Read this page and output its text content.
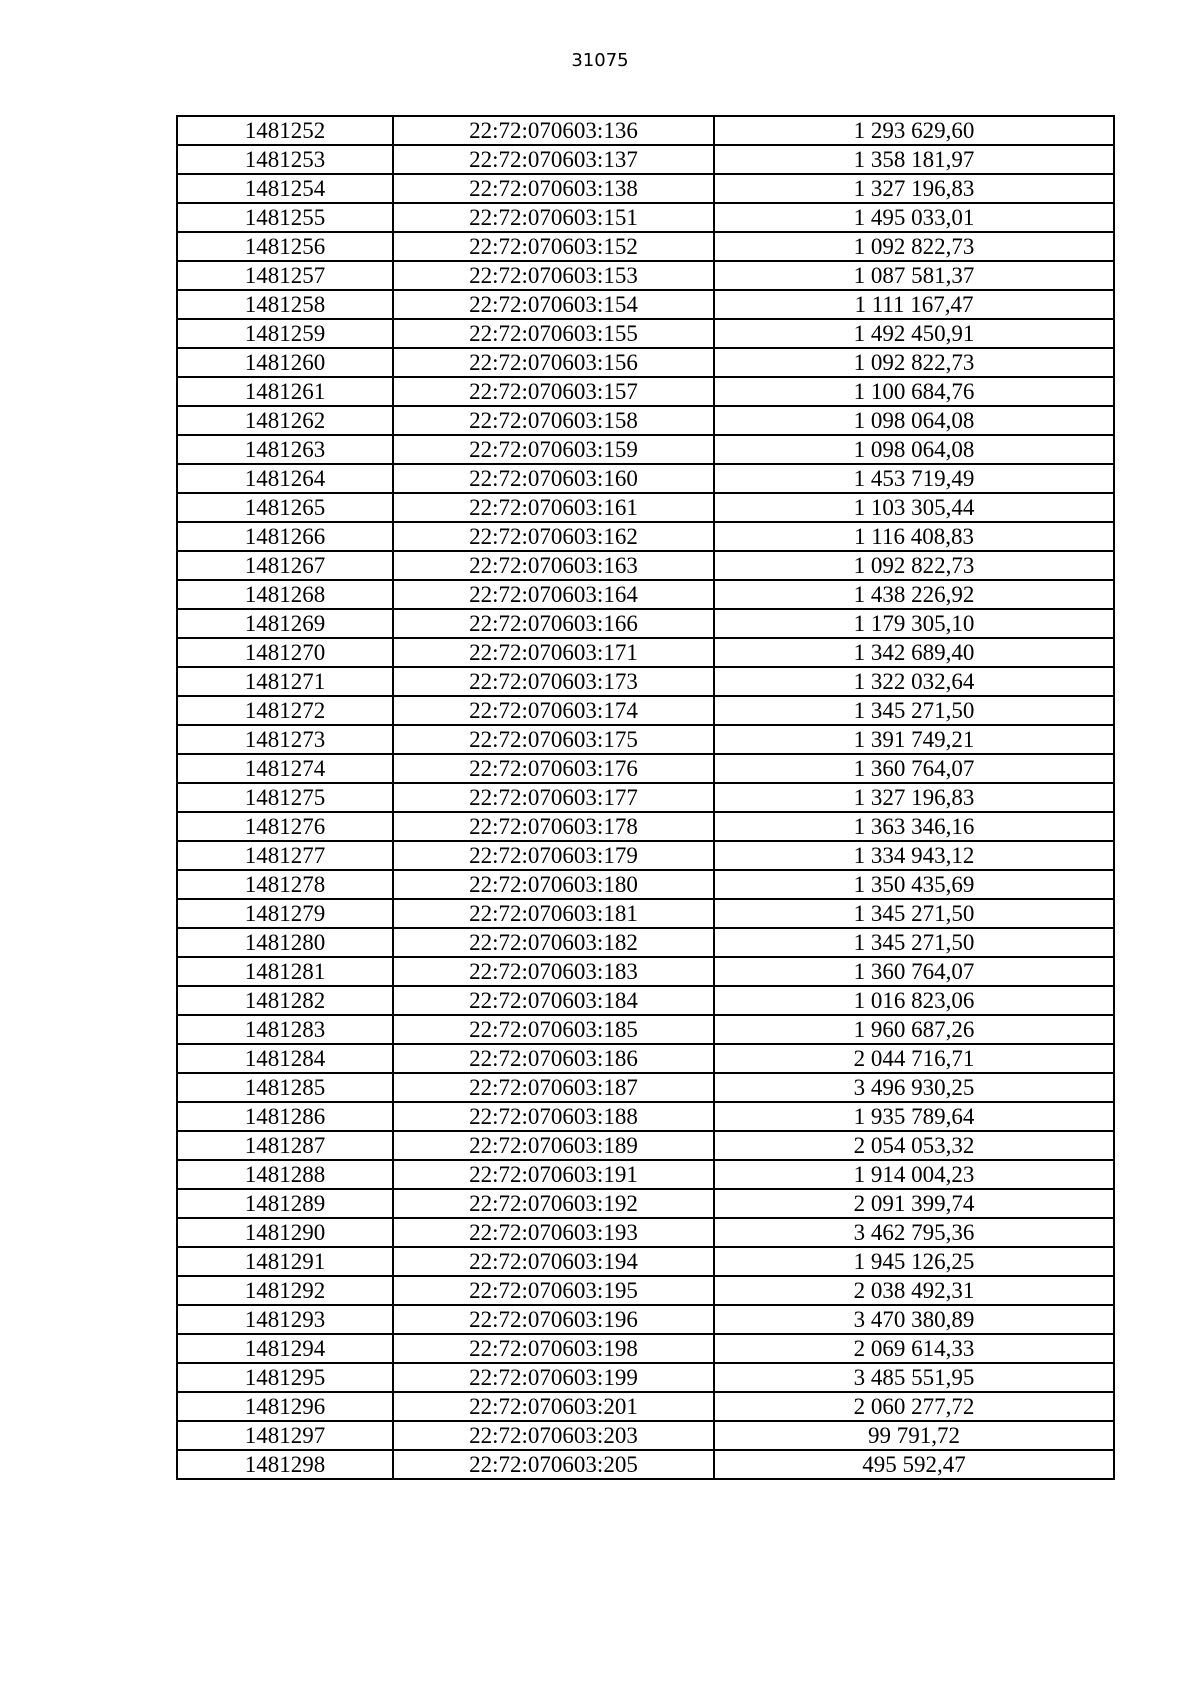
31075
1481252	22:72:070603:136	1 293 629,60
1481253	22:72:070603:137	1 358 181,97
1481254	22:72:070603:138	1 327 196,83
1481255	22:72:070603:151	1 495 033,01
1481256	22:72:070603:152	1 092 822,73
1481257	22:72:070603:153	1 087 581,37
1481258	22:72:070603:154	1 111 167,47
1481259	22:72:070603:155	1 492 450,91
1481260	22:72:070603:156	1 092 822,73
1481261	22:72:070603:157	1 100 684,76
1481262	22:72:070603:158	1 098 064,08
1481263	22:72:070603:159	1 098 064,08
1481264	22:72:070603:160	1 453 719,49
1481265	22:72:070603:161	1 103 305,44
1481266	22:72:070603:162	1 116 408,83
1481267	22:72:070603:163	1 092 822,73
1481268	22:72:070603:164	1 438 226,92
1481269	22:72:070603:166	1 179 305,10
1481270	22:72:070603:171	1 342 689,40
1481271	22:72:070603:173	1 322 032,64
1481272	22:72:070603:174	1 345 271,50
1481273	22:72:070603:175	1 391 749,21
1481274	22:72:070603:176	1 360 764,07
1481275	22:72:070603:177	1 327 196,83
1481276	22:72:070603:178	1 363 346,16
1481277	22:72:070603:179	1 334 943,12
1481278	22:72:070603:180	1 350 435,69
1481279	22:72:070603:181	1 345 271,50
1481280	22:72:070603:182	1 345 271,50
1481281	22:72:070603:183	1 360 764,07
1481282	22:72:070603:184	1 016 823,06
1481283	22:72:070603:185	1 960 687,26
1481284	22:72:070603:186	2 044 716,71
1481285	22:72:070603:187	3 496 930,25
1481286	22:72:070603:188	1 935 789,64
1481287	22:72:070603:189	2 054 053,32
1481288	22:72:070603:191	1 914 004,23
1481289	22:72:070603:192	2 091 399,74
1481290	22:72:070603:193	3 462 795,36
1481291	22:72:070603:194	1 945 126,25
1481292	22:72:070603:195	2 038 492,31
1481293	22:72:070603:196	3 470 380,89
1481294	22:72:070603:198	2 069 614,33
1481295	22:72:070603:199	3 485 551,95
1481296	22:72:070603:201	2 060 277,72
1481297	22:72:070603:203	99 791,72
1481298	22:72:070603:205	495 592,47
